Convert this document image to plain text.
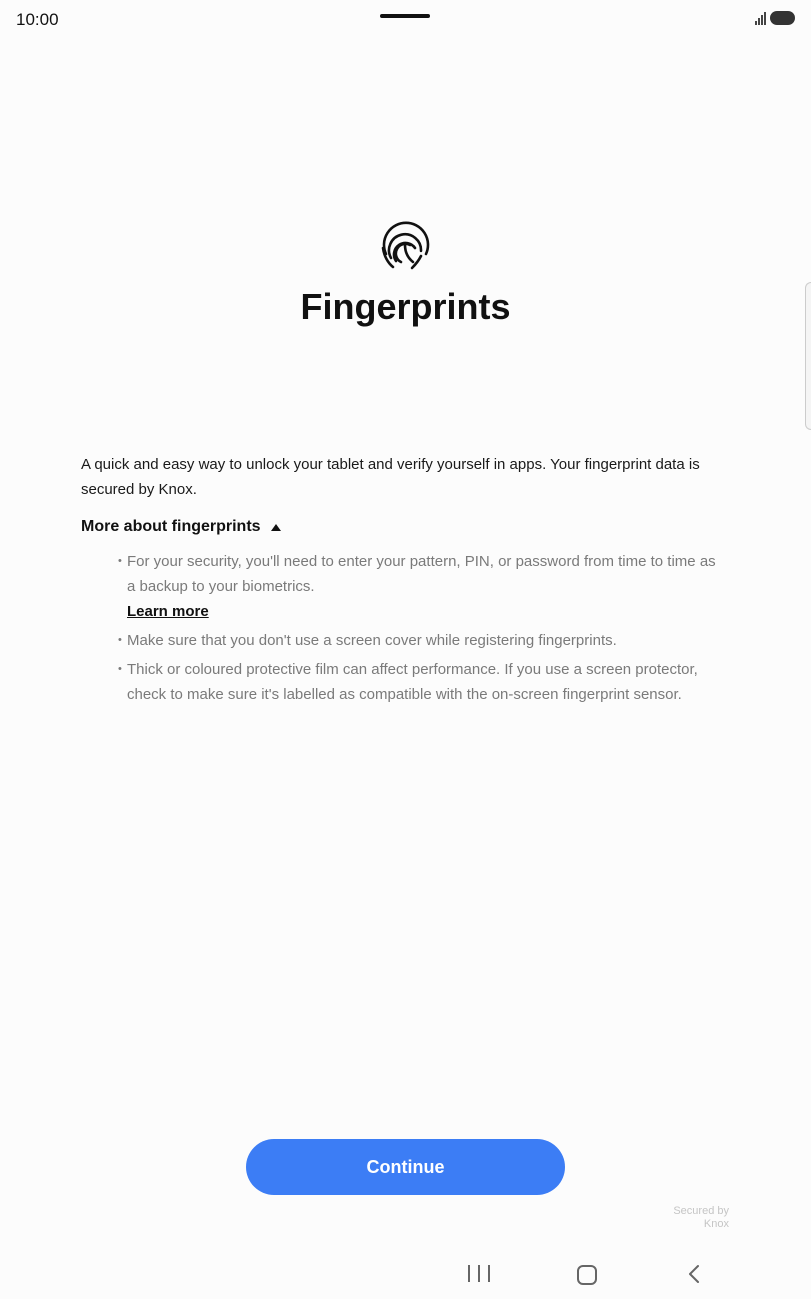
10:00
Fingerprints

A quick and easy way to unlock your tablet and verify yourself in apps. Your fingerprint data is secured by Knox.

More about fingerprints
• For your security, you'll need to enter your pattern, PIN, or password from time to time as a backup to your biometrics.
Learn more
• Make sure that you don't use a screen cover while registering fingerprints.
• Thick or coloured protective film can affect performance. If you use a screen protector, check to make sure it's labelled as compatible with the on-screen fingerprint sensor.
Continue
Secured by
Knox
